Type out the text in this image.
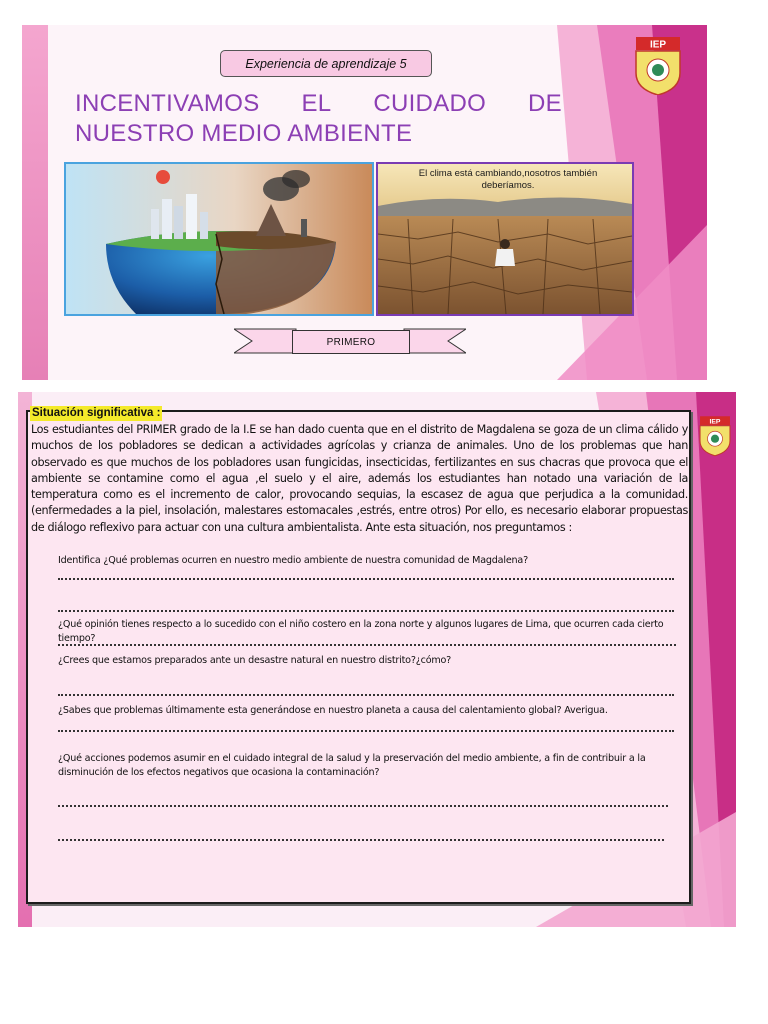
Experiencia de aprendizaje 5
IEP
INCENTIVAMOS EL CUIDADO DE
NUESTRO MEDIO AMBIENTE
El clima está cambiando,nosotros también deberíamos.
PRIMERO
IEP
Situación significativa :
Los estudiantes del PRIMER grado de la I.E se han dado cuenta que en el distrito de Magdalena se goza de un clima cálido y muchos de los pobladores se dedican a actividades agrícolas y crianza de animales. Uno de los problemas que han observado es que muchos de los pobladores usan fungicidas, insecticidas, fertilizantes en sus chacras que provoca que el ambiente se contamine como el agua ,el suelo y el aire, además los estudiantes han notado una variación de la temperatura como es el incremento de calor, provocando sequias, la escasez de agua que perjudica a la comunidad. (enfermedades a la piel, insolación, malestares estomacales ,estrés, entre otros) Por ello, es necesario elaborar propuestas de diálogo reflexivo para actuar con una cultura ambientalista. Ante esta situación, nos preguntamos :
Identifica ¿Qué problemas ocurren en nuestro medio ambiente de nuestra comunidad de Magdalena?
¿Qué opinión tienes respecto a lo sucedido con el niño costero en la zona norte y algunos lugares de Lima, que ocurren cada cierto tiempo?
¿Crees que estamos preparados ante un desastre natural en nuestro distrito?¿cómo?
¿Sabes que problemas últimamente esta generándose en nuestro planeta a causa del calentamiento global? Averigua.
¿Qué acciones podemos asumir en el cuidado integral de la salud y la preservación del medio ambiente, a fin de contribuir a la disminución de los efectos negativos que ocasiona la contaminación?
